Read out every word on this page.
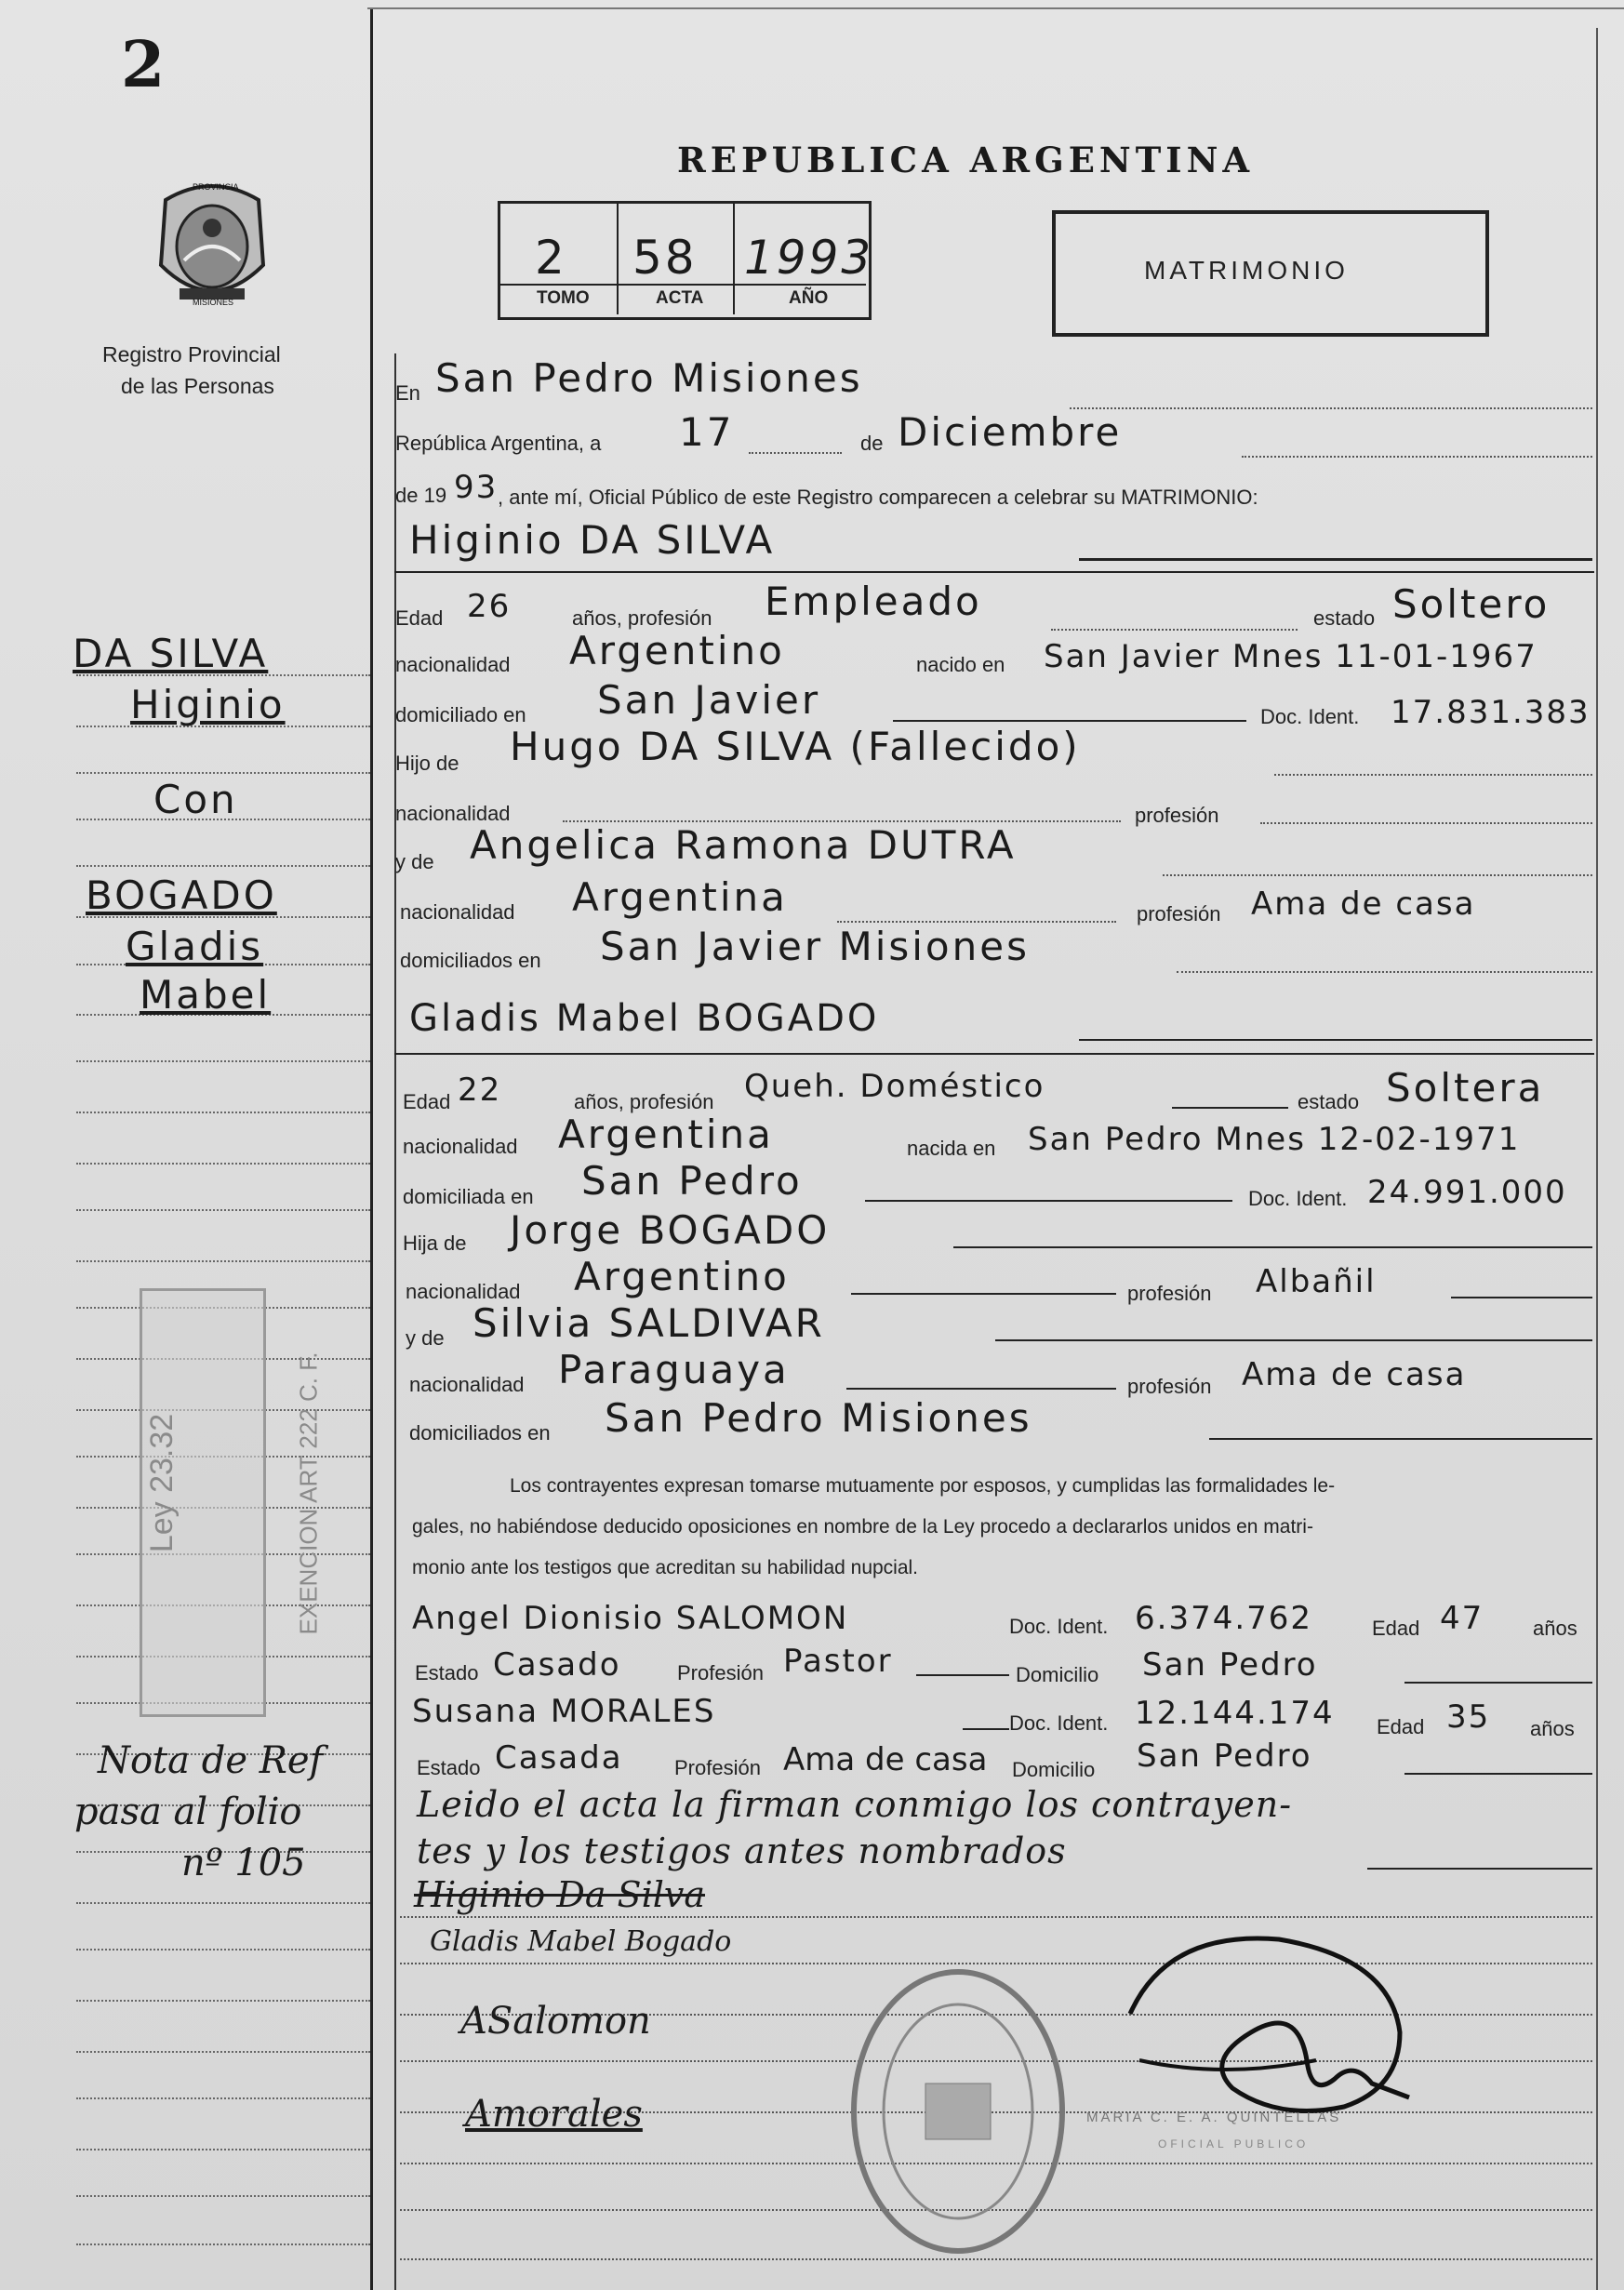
2
PROVINCIA
MISIONES
Registro Provincial
de las Personas
REPUBLICA ARGENTINA
2 58 1993
TOMO	ACTA	AÑO
MATRIMONIO
DA SILVA
Higinio
Con
BOGADO
Gladis
Mabel
Ley 23.32	EXENCION ART 222 C. F.
Nota de Ref
pasa al folio
nº 105
En San Pedro Misiones
República Argentina, a 17	de Diciembre
de 19 93 , ante mí, Oficial Público de este Registro comparecen a celebrar su MATRIMONIO:
Higinio DA SILVA
Edad 26	años, profesión Empleado	estado Soltero
nacionalidad Argentino	nacido en San Javier Mnes 11-01-1967
domiciliado en San Javier	Doc. Ident. 17.831.383
Hijo de Hugo DA SILVA (Fallecido)
nacionalidad	profesión
y de Angelica Ramona DUTRA
nacionalidad Argentina	profesión Ama de casa
domiciliados en San Javier Misiones
Gladis Mabel BOGADO
Edad 22	años, profesión Queh. Doméstico	estado Soltera
nacionalidad Argentina	nacida en San Pedro Mnes 12-02-1971
domiciliada en San Pedro	Doc. Ident. 24.991.000
Hija de Jorge BOGADO
nacionalidad Argentino	profesión Albañil
y de Silvia SALDIVAR
nacionalidad Paraguaya	profesión Ama de casa
domiciliados en San Pedro Misiones
Los contrayentes expresan tomarse mutuamente por esposos, y cumplidas las formalidades le-
gales, no habiéndose deducido oposiciones en nombre de la Ley procedo a declararlos unidos en matri-
monio ante los testigos que acreditan su habilidad nupcial.
Angel Dionisio SALOMON	Doc. Ident. 6.374.762	Edad 47 años
Estado Casado	Profesión Pastor	Domicilio San Pedro
Susana MORALES	Doc. Ident. 12.144.174 Edad 35 años
Estado Casada	Profesión Ama de casa Domicilio San Pedro
Leido el acta la firman conmigo los contrayen-
tes y los testigos antes nombrados
Higinio Da Silva
Gladis Mabel Bogado
ASalomon
Amorales	MARIA C. E. A. QUINTELLAS
OFICIAL PUBLICO
